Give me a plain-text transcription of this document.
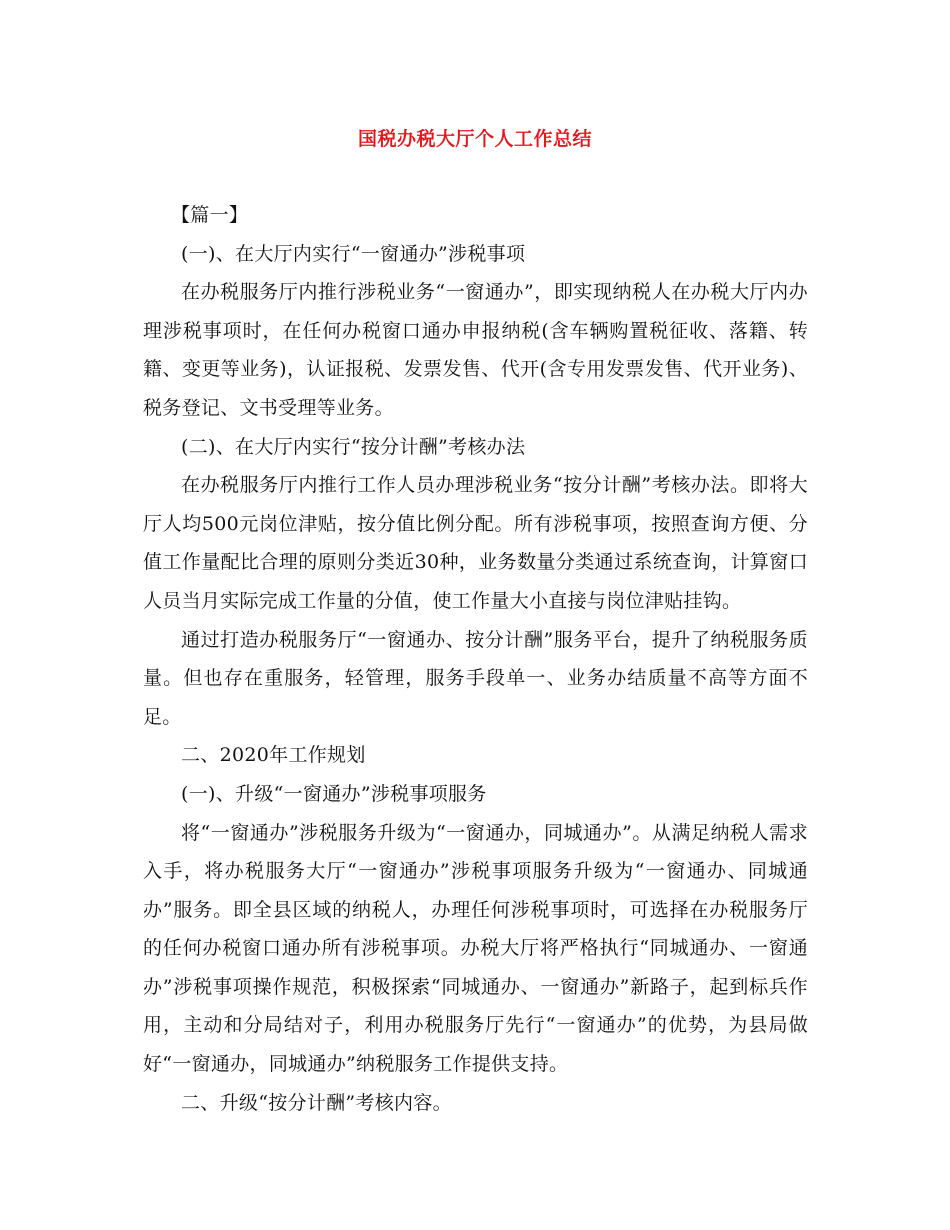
国税办税大厅个人工作总结

【篇一】

(一)、在大厅内实行“一窗通办”涉税事项

在办税服务厅内推行涉税业务“一窗通办”，即实现纳税人在办税大厅内办理涉税事项时，在任何办税窗口通办申报纳税(含车辆购置税征收、落籍、转籍、变更等业务)，认证报税、发票发售、代开(含专用发票发售、代开业务)、税务登记、文书受理等业务。

(二)、在大厅内实行“按分计酬”考核办法

在办税服务厅内推行工作人员办理涉税业务“按分计酬”考核办法。即将大厅人均500元岗位津贴，按分值比例分配。所有涉税事项，按照查询方便、分值工作量配比合理的原则分类近30种，业务数量分类通过系统查询，计算窗口人员当月实际完成工作量的分值，使工作量大小直接与岗位津贴挂钩。

通过打造办税服务厅“一窗通办、按分计酬”服务平台，提升了纳税服务质量。但也存在重服务，轻管理，服务手段单一、业务办结质量不高等方面不足。

二、2020年工作规划

(一)、升级“一窗通办”涉税事项服务

将“一窗通办”涉税服务升级为“一窗通办，同城通办”。从满足纳税人需求入手，将办税服务大厅“一窗通办”涉税事项服务升级为“一窗通办、同城通办”服务。即全县区域的纳税人，办理任何涉税事项时，可选择在办税服务厅的任何办税窗口通办所有涉税事项。办税大厅将严格执行“同城通办、一窗通办”涉税事项操作规范，积极探索“同城通办、一窗通办”新路子，起到标兵作用，主动和分局结对子，利用办税服务厅先行“一窗通办”的优势，为县局做好“一窗通办，同城通办”纳税服务工作提供支持。

二、升级“按分计酬”考核内容。
